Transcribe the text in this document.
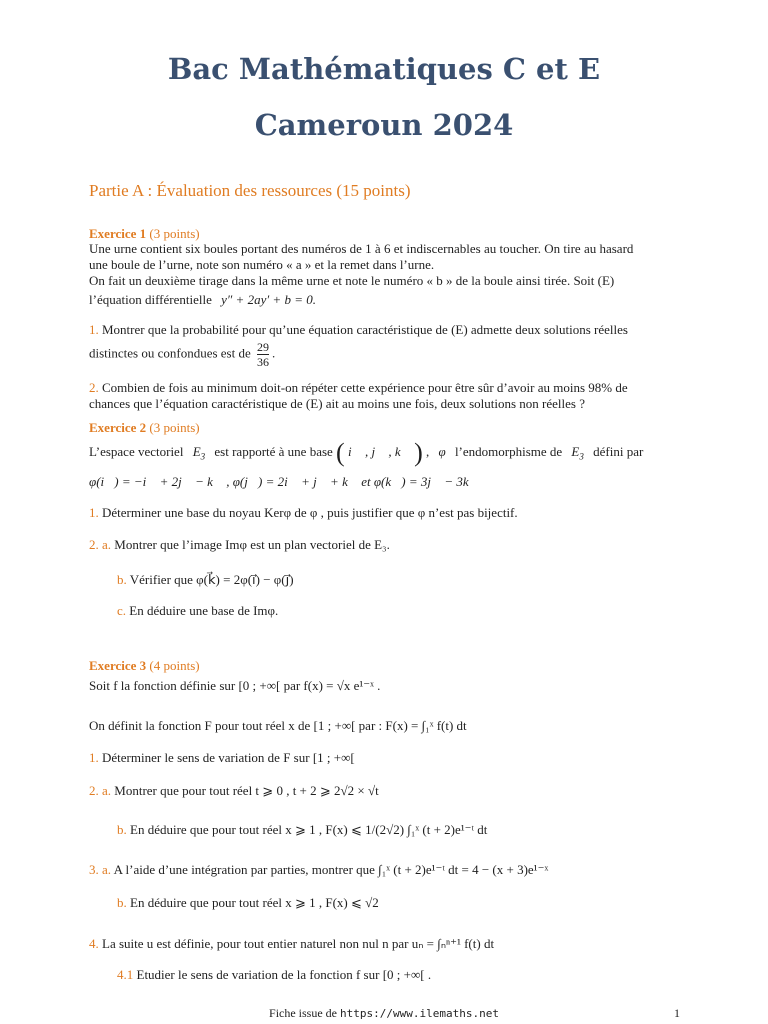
Bac Mathématiques C et E
Cameroun 2024
Partie A : Évaluation des ressources (15 points)
Exercice 1 (3 points)
Une urne contient six boules portant des numéros de 1 à 6 et indiscernables au toucher. On tire au hasard
une boule de l’urne, note son numéro « a » et la remet dans l’urne.
On fait un deuxième tirage dans la même urne et note le numéro « b » de la boule ainsi tirée. Soit (E)
l’équation différentielle y″ + 2ay′ + b = 0.
1. Montrer que la probabilité pour qu’une équation caractéristique de (E) admette deux solutions réelles
distinctes ou confondues est de $\frac{29}{36}$ .
2. Combien de fois au minimum doit-on répéter cette expérience pour être sûr d’avoir au moins 98% de
chances que l’équation caractéristique de (E) ait au moins une fois, deux solutions non réelles ?
Exercice 2 (3 points)
L’espace vectoriel $E_3$ est rapporté à une base ( i⃗ , j⃗ , k⃗ ) , φ l’endomorphisme de $E_3$ défini par
φ(i⃗) = −i⃗ + 2j⃗ − k⃗ , φ(j⃗) = 2i⃗ + j⃗ + k⃗ et φ(k⃗) = 3j⃗ − 3k⃗
1. Déterminer une base du noyau Kerφ de φ , puis justifier que φ n’est pas bijectif.
2. a. Montrer que l’image Imφ est un plan vectoriel de E₃.
b. Vérifier que φ(k⃗) = 2φ(i⃗) − φ(j⃗)
c. En déduire une base de Imφ.
Exercice 3 (4 points)
Soit f la fonction définie sur [0 ; +∞[ par f(x) = √x e¹⁻ˣ .
On définit la fonction F pour tout réel x de [1 ; +∞[ par : F(x) = ∫₁ˣ f(t) dt
1. Déterminer le sens de variation de F sur [1 ; +∞[
2. a. Montrer que pour tout réel t ⩾ 0 , t + 2 ⩾ 2√2 × √t
b. En déduire que pour tout réel x ⩾ 1 , F(x) ⩽ 1/(2√2) ∫₁ˣ (t + 2)e¹⁻ᵗ dt
3. a. A l’aide d’une intégration par parties, montrer que ∫₁ˣ (t + 2)e¹⁻ᵗ dt = 4 − (x + 3)e¹⁻ˣ
b. En déduire que pour tout réel x ⩾ 1 , F(x) ⩽ √2
4. La suite u est définie, pour tout entier naturel non nul n par uₙ = ∫ₙⁿ⁺¹ f(t) dt
4.1 Etudier le sens de variation de la fonction f sur [0 ; +∞[ .
Fiche issue de https://www.ilemaths.net	1
